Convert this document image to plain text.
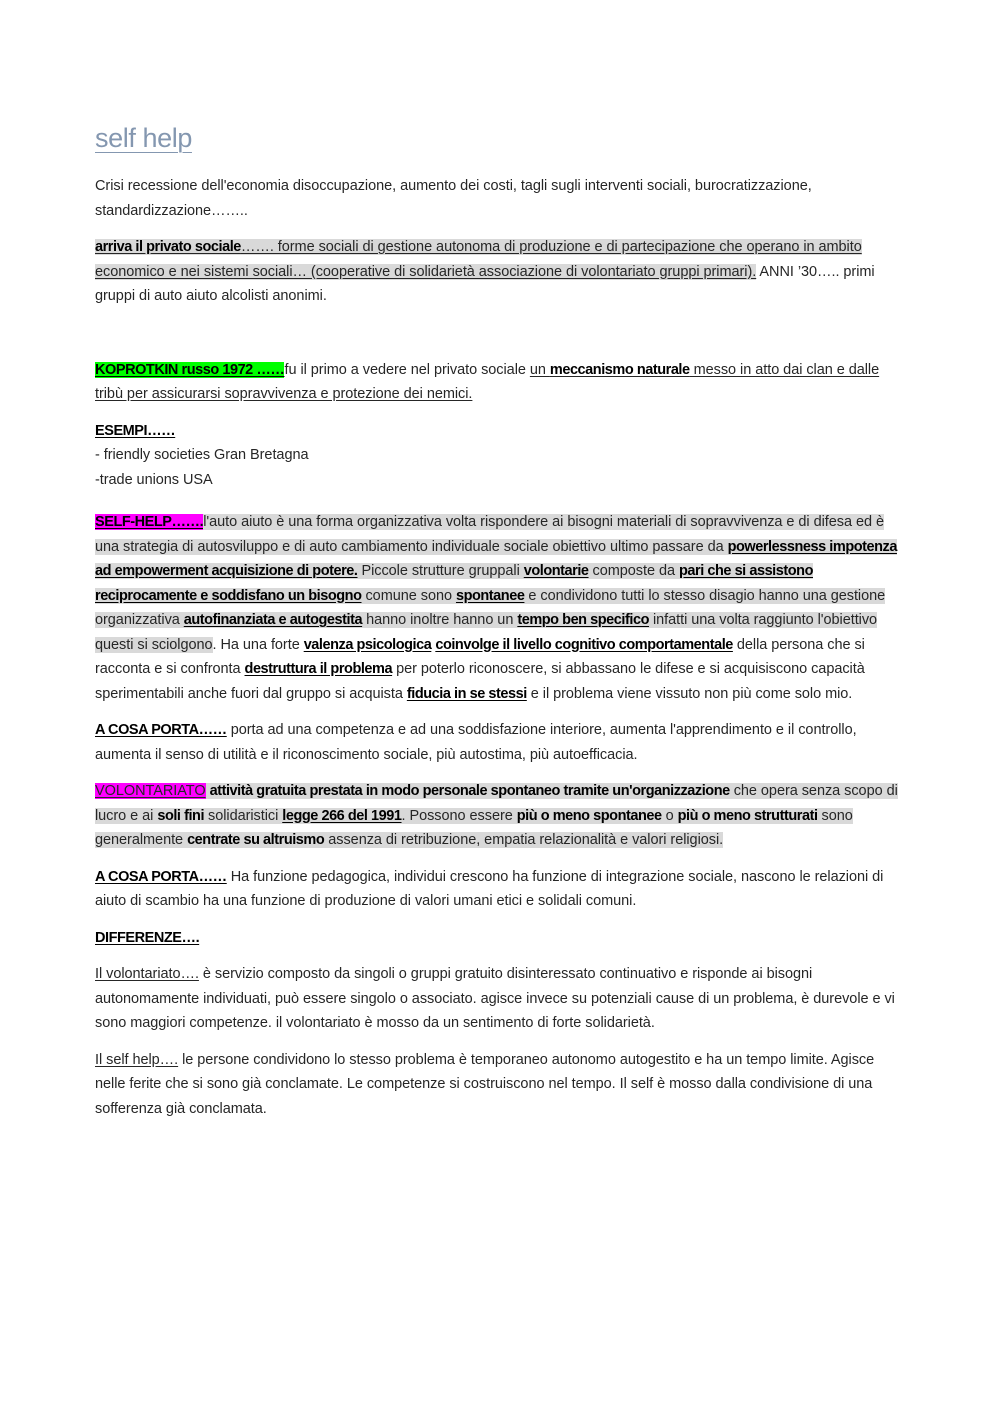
self help

Crisi recessione dell'economia disoccupazione, aumento dei costi, tagli sugli interventi sociali, burocratizzazione, standardizzazione……..

arriva il privato sociale……. forme sociali di gestione autonoma di produzione e di partecipazione che operano in ambito economico e nei sistemi sociali… (cooperative di solidarietà associazione di volontariato gruppi primari). ANNI ’30….. primi gruppi di auto aiuto alcolisti anonimi.

KOPROTKIN russo 1972 ……fu il primo a vedere nel privato sociale un meccanismo naturale messo in atto dai clan e dalle tribù per assicurarsi sopravvivenza e protezione dei nemici.

ESEMPI……
- friendly societies Gran Bretagna
-trade unions USA

SELF-HELP…….l'auto aiuto è una forma organizzativa volta rispondere ai bisogni materiali di sopravvivenza e di difesa ed è una strategia di autosviluppo e di auto cambiamento individuale sociale obiettivo ultimo passare da powerlessness impotenza ad empowerment acquisizione di potere. Piccole strutture gruppali volontarie composte da pari che si assistono reciprocamente e soddisfano un bisogno comune sono spontanee e condividono tutti lo stesso disagio hanno una gestione organizzativa autofinanziata e autogestita hanno inoltre hanno un tempo ben specifico infatti una volta raggiunto l'obiettivo questi si sciolgono. Ha una forte valenza psicologica coinvolge il livello cognitivo comportamentale della persona che si racconta e si confronta destruttura il problema per poterlo riconoscere, si abbassano le difese e si acquisiscono capacità sperimentabili anche fuori dal gruppo si acquista fiducia in se stessi e il problema viene vissuto non più come solo mio.

A COSA PORTA…… porta ad una competenza e ad una soddisfazione interiore, aumenta l'apprendimento e il controllo, aumenta il senso di utilità e il riconoscimento sociale, più autostima, più autoefficacia.

VOLONTARIATO attività gratuita prestata in modo personale spontaneo tramite un'organizzazione che opera senza scopo di lucro e ai soli fini solidaristici legge 266 del 1991. Possono essere più o meno spontanee o più o meno strutturati sono generalmente centrate su altruismo assenza di retribuzione, empatia relazionalità e valori religiosi.

A COSA PORTA…… Ha funzione pedagogica, individui crescono ha funzione di integrazione sociale, nascono le relazioni di aiuto di scambio ha una funzione di produzione di valori umani etici e solidali comuni.

DIFFERENZE….

Il volontariato…. è servizio composto da singoli o gruppi gratuito disinteressato continuativo e risponde ai bisogni autonomamente individuati, può essere singolo o associato. agisce invece su potenziali cause di un problema, è durevole e vi sono maggiori competenze. il volontariato è mosso da un sentimento di forte solidarietà.

Il self help…. le persone condividono lo stesso problema è temporaneo autonomo autogestito e ha un tempo limite. Agisce nelle ferite che si sono già conclamate. Le competenze si costruiscono nel tempo. Il self è mosso dalla condivisione di una sofferenza già conclamata.
